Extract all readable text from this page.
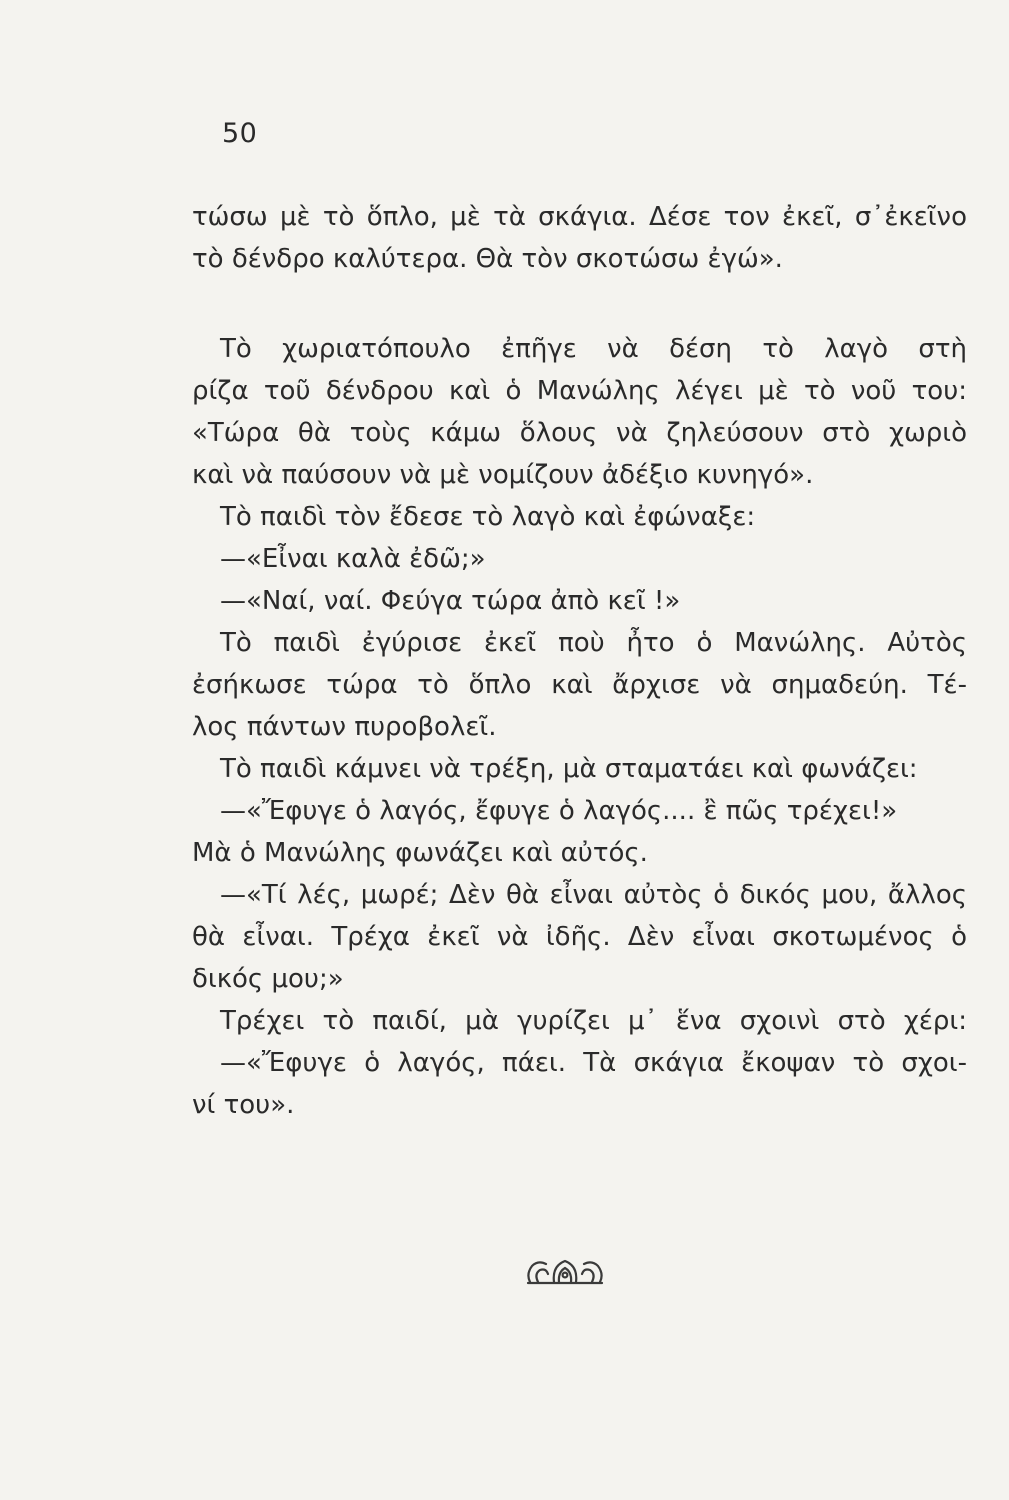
50
τώσω μὲ τὸ ὅπλο, μὲ τὰ σκάγια. Δέσε τον ἐκεῖ, σ᾽ἐκεῖνο
τὸ δένδρο καλύτερα. Θὰ τὸν σκοτώσω ἐγώ».
Τὸ χωριατόπουλο ἐπῆγε νὰ δέση τὸ λαγὸ στὴ
ρίζα τοῦ δένδρου καὶ ὁ Μανώλης λέγει μὲ τὸ νοῦ του:
«Τώρα θὰ τοὺς κάμω ὅλους νὰ ζηλεύσουν στὸ χωριὸ
καὶ νὰ παύσουν νὰ μὲ νομίζουν ἀδέξιο κυνηγό».
Τὸ παιδὶ τὸν ἔδεσε τὸ λαγὸ καὶ ἐφώναξε:
—«Εἶναι καλὰ ἐδῶ;»
—«Ναί, ναί. Φεύγα τώρα ἀπὸ κεῖ !»
Τὸ παιδὶ ἐγύρισε ἐκεῖ ποὺ ἦτο ὁ Μανώλης. Αὐτὸς
ἐσήκωσε τώρα τὸ ὅπλο καὶ ἄρχισε νὰ σημαδεύη. Τέ-
λος πάντων πυροβολεῖ.
Τὸ παιδὶ κάμνει νὰ τρέξη, μὰ σταματάει καὶ φωνάζει:
—«Ἔφυγε ὁ λαγός, ἔφυγε ὁ λαγός.... ἒ πῶς τρέχει!»
Μὰ ὁ Μανώλης φωνάζει καὶ αὐτός.
—«Τί λές, μωρέ; Δὲν θὰ εἶναι αὐτὸς ὁ δικός μου, ἄλλος
θὰ εἶναι. Τρέχα ἐκεῖ νὰ ἰδῆς. Δὲν εἶναι σκοτωμένος ὁ
δικός μου;»
Τρέχει τὸ παιδί, μὰ γυρίζει μ᾽ ἕνα σχοινὶ στὸ χέρι:
—«Ἔφυγε ὁ λαγός, πάει. Τὰ σκάγια ἔκοψαν τὸ σχοι-
νί του».
